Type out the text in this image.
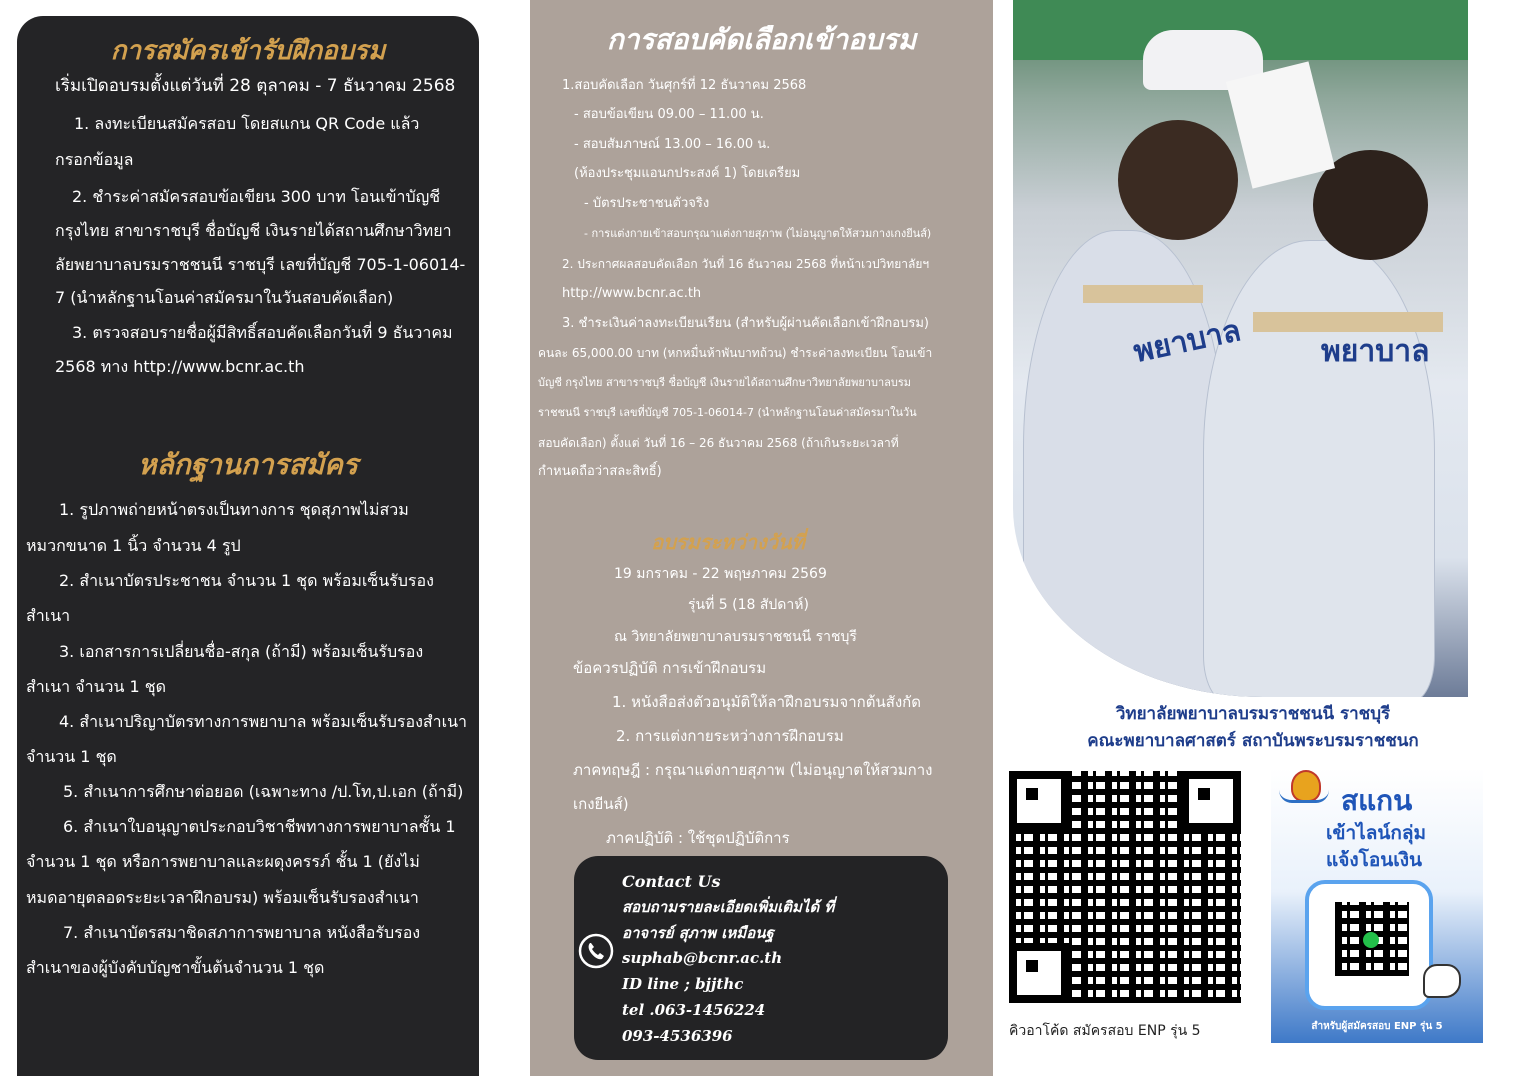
การสมัครเข้ารับฝึกอบรม
เริ่มเปิดอบรมตั้งแต่วันที่ 28 ตุลาคม - 7 ธันวาคม 2568
1. ลงทะเบียนสมัครสอบ โดยสแกน QR Code แล้ว
กรอกข้อมูล
2. ชำระค่าสมัครสอบข้อเขียน 300 บาท โอนเข้าบัญชี
กรุงไทย สาขาราชบุรี ชื่อบัญชี เงินรายได้สถานศึกษาวิทยา
ลัยพยาบาลบรมราชชนนี ราชบุรี เลขที่บัญชี 705-1-06014-
7 (นำหลักฐานโอนค่าสมัครมาในวันสอบคัดเลือก)
3. ตรวจสอบรายชื่อผู้มีสิทธิ์สอบคัดเลือกวันที่ 9 ธันวาคม
2568 ทาง http://www.bcnr.ac.th
หลักฐานการสมัคร
1. รูปภาพถ่ายหน้าตรงเป็นทางการ ชุดสุภาพไม่สวม
หมวกขนาด 1 นิ้ว จำนวน 4 รูป
2. สำเนาบัตรประชาชน จำนวน 1 ชุด พร้อมเซ็นรับรอง
สำเนา
3. เอกสารการเปลี่ยนชื่อ-สกุล (ถ้ามี) พร้อมเซ็นรับรอง
สำเนา จำนวน 1 ชุด
4. สำเนาปริญาบัตรทางการพยาบาล พร้อมเซ็นรับรองสำเนา
จำนวน 1 ชุด
5. สำเนาการศึกษาต่อยอด (เฉพาะทาง /ป.โท,ป.เอก (ถ้ามี)
6. สำเนาใบอนุญาตประกอบวิชาชีพทางการพยาบาลชั้น 1
จำนวน 1 ชุด หรือการพยาบาลและผดุงครรภ์ ชั้น 1 (ยังไม่
หมดอายุตลอดระยะเวลาฝึกอบรม) พร้อมเซ็นรับรองสำเนา
7. สำเนาบัตรสมาชิดสภาการพยาบาล หนังสือรับรอง
สำเนาของผู้บังคับบัญชาขั้นต้นจำนวน 1 ชุด
การสอบคัดเลือกเข้าอบรม
1.สอบคัดเลือก วันศุกร์ที่ 12 ธันวาคม 2568
- สอบข้อเขียน 09.00 – 11.00 น.
- สอบสัมภาษณ์ 13.00 – 16.00 น.
(ห้องประชุมแอนกประสงค์ 1) โดยเตรียม
- บัตรประชาชนตัวจริง
- การแต่งกายเข้าสอบกรุณาแต่งกายสุภาพ (ไม่อนุญาตให้สวมกางเกงยีนส์)
2. ประกาศผลสอบคัดเลือก วันที่ 16 ธันวาคม 2568 ที่หน้าเวปวิทยาลัยฯ
http://www.bcnr.ac.th
3. ชำระเงินค่าลงทะเบียนเรียน (สำหรับผู้ผ่านคัดเลือกเข้าฝึกอบรม)
คนละ 65,000.00 บาท (หกหมื่นห้าพันบาทถ้วน) ชำระค่าลงทะเบียน โอนเข้า
บัญชี กรุงไทย สาขาราชบุรี ชื่อบัญชี เงินรายได้สถานศึกษาวิทยาลัยพยาบาลบรม
ราชชนนี ราชบุรี เลขที่บัญชี 705-1-06014-7 (นำหลักฐานโอนค่าสมัครมาในวัน
สอบคัดเลือก) ตั้งแต่ วันที่ 16 – 26 ธันวาคม 2568 (ถ้าเกินระยะเวลาที่
กำหนดถือว่าสละสิทธิ์)
อบรมระหว่างวันที่
19 มกราคม - 22 พฤษภาคม 2569
รุ่นที่ 5 (18 สัปดาห์)
ณ วิทยาลัยพยาบาลบรมราชชนนี ราชบุรี
ข้อควรปฏิบัติ การเข้าฝึกอบรม
1. หนังสือส่งตัวอนุมัติให้ลาฝึกอบรมจากต้นสังกัด
2. การแต่งกายระหว่างการฝึกอบรม
ภาคทฤษฎี : กรุณาแต่งกายสุภาพ (ไม่อนุญาตให้สวมกาง
เกงยีนส์)
ภาคปฏิบัติ : ใช้ชุดปฏิบัติการ
Contact Us
สอบถามรายละเอียดเพิ่มเติมได้ ที่
อาจารย์ สุภาพ เหมือนฐ
suphab@bcnr.ac.th
ID line ; bjjthc
tel .063-1456224
093-4536396
พยาบาล	พยาบาล
วิทยาลัยพยาบาลบรมราชชนนี ราชบุรี
คณะพยาบาลศาสตร์ สถาบันพระบรมราชชนก
คิวอาโค้ด สมัครสอบ ENP รุ่น 5
สแกน
เข้าไลน์กลุ่ม
แจ้งโอนเงิน
สำหรับผู้สมัครสอบ ENP รุ่น 5
